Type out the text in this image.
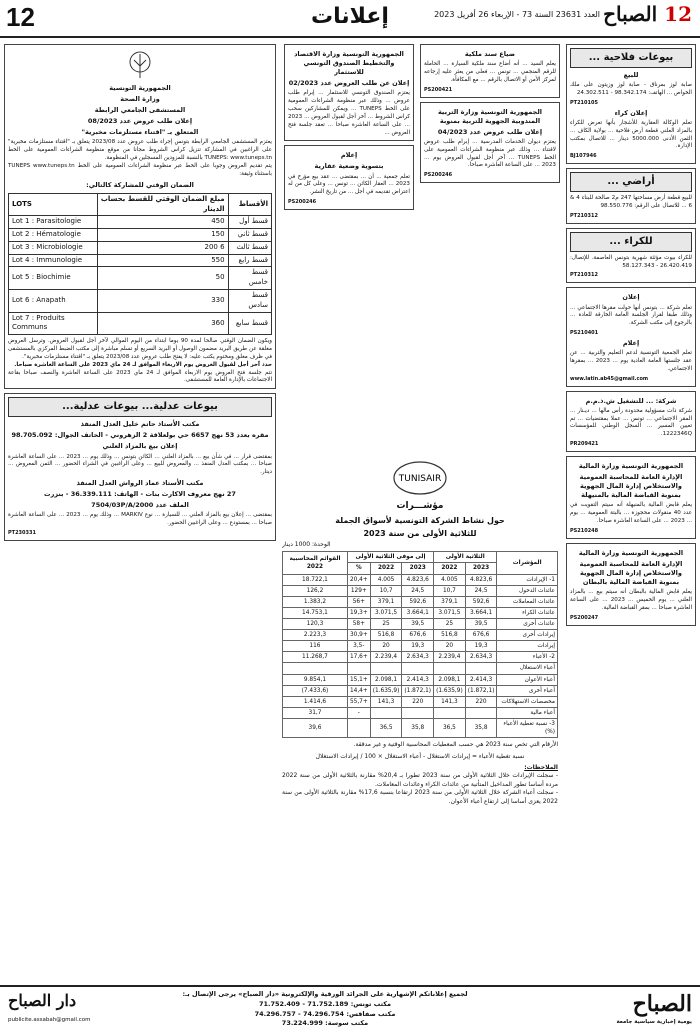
12	إعلانات	12 الصباح
العدد 23631 السنة 73 - الإربعاء 26 أفريل 2023
بيوعات فلاحية ...
للبيع

صابة لوز بمرناق - صابة لوز وزيتون على ملك الخواص ... الهاتف: 98.342.174 - 24.302.511

PT210105
إعلان كراء

تعلم الوكالة العقارية للأشجار بأنها تعرض للكراء بالمزاد العلني قطعة أرض فلاحية ... بولاية الكاف ... الثمن الأدنى 5000.000 دينار ... للاتصال بمكتب الإدارة.

BJ107946
أراضي ...

للبيع قطعة أرض مساحتها 247 م2 صالحة للبناء 4 & 6 ... للاتصال على الرقم: 98.550.776

PT210312
للكراء ...

للكراء بيوت مؤثثة شهرية بتونس العاصمة. للإتصال: 26.420.419 - 58.127.343

PT210312
إعلان

تعلم شركة ... بتونس أنها حولت مقرها الاجتماعي ... وذلك طبقا لقرار الجلسة العامة الخارقة للعادة ... بالرجوع إلى مكتب الشركة.

PS210401
إعلام

تعلم الجمعية التونسية لدعم التعليم والتربية ... عن عقد جلستها العامة العادية يوم ... 2023 ... بمقرها الاجتماعي.

www.latin.ab45@gmail.com
شركة: ... للتشغيل ش.ذ.م.م

شركة ذات مسؤولية محدودة رأس مالها ... ديـنار ... المقر الاجتماعي ... تونس ... عملا بمقتضيات ... تم تعيين المسير ... السجل الوطني للمؤسسات 1222346Q.

PR209421
الجمهورية التونسية وزارة المالية
الإدارة العامة للمحاسبة العمومية والاستخلاص إدارة المال الجهوية بمنوبة القباضة المالية بالمنيهلة

يعلم قابض المالية بالمنيهلة أنه سيتم التفويت في عدد 40 منقولات محجوزة ... بالبتة العمومية ... يوم ... 2023 ... على الساعة العاشرة صباحا.

PS210248
الجمهورية التونسية وزارة المالية
الإدارة العامة للمحاسبة العمومية والاستخلاص إدارة المال الجهوية بمنوبة القباضة المالية بالبطان

يعلم قابض المالية بالبطان أنه سيتم بيع ... بالمزاد العلني ... يوم الخميس ... 2023 ... على الساعة العاشرة صباحا ... بمقر القباضة المالية.

PS200247
ضياع سند ملكية

يعلم السيد ... أنه أضاع سند ملكية السيارة ... الحاملة للرقم المنجمي ... تونس ... فعلى من يعثر عليه إرجاعه لمركز الأمن أو الاتصال بالرقم ... مع المكافأة.

PS200421
الجمهورية التونسية وزارة التربية المندوبية الجهوية للتربية بمنوبة
إعلان طلب عروض عدد 04/2023

يعتزم ديوان الخدمات المدرسية ... إبرام طلب عروض لاقتناء ... وذلك عبر منظومة الشراءات العمومية على الخط TUNEPS ... آخر أجل لقبول العروض يوم ... 2023 ... على الساعة العاشرة صباحا.

PS200246
الجمهورية التونسية وزارة الاقتصاد والتخطيط الصندوق التونسي للاستثمار
إعلان عن طلب العروض عدد 02/2023

يعتزم الصندوق التونسي للاستثمار ... إبرام طلب عروض ... وذلك عبر منظومة الشراءات العمومية على الخط TUNEPS ... ويمكن للمشاركين سحب كراس الشروط ... آخر أجل لقبول العروض ... 2023 ... على الساعة العاشرة صباحا ... تعقد جلسة فتح العروض ...

إعلام
بتسوية وضعية عقارية

تعلم جمعية ... أن ... بمقتضى ... عقد بيع مؤرخ في 2023 ... العقار الكائن ... تونس ... وعلى كل من له اعتراض تقديمه في أجل ... من تاريخ النشر.

PS200246
الجمهورية التونسية
وزارة الصحة
المستشفى الجامعي الرابطة
إعلان طلب عروض عدد 08/2023
المتعلق بـ "اقتناء مستلزمات مخبرية"

يعتزم المستشفى الجامعي الرابطة بتونس إجراء طلب عروض عدد 2023/08 يتعلق بـ "اقتناء مستلزمات مخبرية" على الراغبين في المشاركة تنزيل كراس الشروط مجانا من موقع منظومة الشراءات العمومية على الخط TUNEPS: www.tuneps.tn بالنسبة للمزودين المسجلين في المنظومة.

يتم تقديم العروض وجوبا على الخط عبر منظومة الشراءات العمومية على الخط TUNEPS www.tuneps.tn باستثناء وثيقة:

الضمان الوقتي للمشاركة كالتالي:
الأقساط	مبلغ الضمان الوقتي للقسط بحساب الدينار	LOTS
قسط أول	450	Lot 1 : Parasitologie
قسط ثاني	150	Lot 2 : Hématologie
قسط ثالث	6 200	Lot 3 : Microbiologie
قسط رابع	550	Lot 4 : Immunologie
قسط خامس	50	Lot 5 : Biochimie
قسط سادس	330	Lot 6 : Anapath
قسط سابع	360	Lot 7 : Produits Communs

ويكون الضمان الوقتي صالحا لمدة 90 يوما ابتداء من اليوم الموالي لآخر أجل لقبول العروض. وترسل العروض مغلقة عن طريق البريد مضمون الوصول أو البريد السريع أو تسلم مباشرة إلى مكتب الضبط المركزي بالمستشفى في ظرف مغلق ومختوم يكتب عليه: لا يفتح طلب عروض عدد 2023/08 يتعلق بـ "اقتناء مستلزمات مخبرية".

حدد آخر أجل لقبول العروض يوم الاربعاء الموافق لـ 24 ماي 2023 على الساعة العاشرة صباحا.

تتم جلسة فتح العروض يوم الاربعاء الموافق لـ 24 ماي 2023 على الساعة العاشرة والنصف صباحا بقاعة الاجتماعات بالإدارة العامة للمستشفى.

بيوعات عدلية... بيوعات عدلية...
مكتب الأستاذ حاتم خليل العدل المنفذ
مقره بعدد 53 نهج 6657 حي بولعلاقة 2 الزهروني - الحاتف الجوال: 98.705.092
إعلان بيع بالمزاد العلني

بمقتضى قرار ... في شأن بيع ... بالمزاد العلني ... الكائن بتونس ... وذلك يوم ... 2023 ... على الساعة العاشرة صباحا ... بمكتب العدل المنفذ ... والمعروض للبيع ... وعلى الراغبين في الشراء الحضور ... الثمن المعروض ... دينار.

مكتب الأستاذ عماد الرواش العدل المنفذ
27 نهج معروف الاكارث بنات - الهاتف: 36.339.111 - بنزرت
الملف عدد 7504/03P/A/2000

بمقتضى ... إعلان بيع بالمزاد العلني ... للسيارة ... نوع MARKIV ... وذلك يوم ... 2023 ... على الساعة العاشرة صباحا ... بمستودع ... وعلى الراغبين الحضور.

PT230331
TUNISAIR
مؤشـــرات
حول نشاط الشركة التونسية لأسواق الجملة
للثلاثية الأولى من سنة 2023
الوحدة: 1000 دينار
المؤشرات	الثلاثية الأولى		إلى موفى الثلاثية الأولى			القوائم المحاسبية 2022
	2023	2022	2023	2022	%	
1- الإيرادات	4.823,6	4.005	4.823,6	4.005	+20,4	18.722,1
عائدات الدخول	24,5	10,7	24,5	10,7	+129	126,2
عائدات المعاملات	592,6	379,1	592,6	379,1	+56	1.383,2
عائدات الكراء	3.664,1	3.071,5	3.664,1	3.071,5	+19,3	14.753,1
عائدات أخرى	39,5	25	39,5	25	+58	120,3
إيرادات أخرى	676,6	516,8	676,6	516,8	+30,9	2.223,3
إيرادات	19,3	20	19,3	20	-3,5	116
2- الأعباء	2.634,3	2.239,4	2.634,3	2.239,4	+17,6	11.268,7
أعباء الاستغلال						
أعباء الأعوان	2.414,3	2.098,1	2.414,3	2.098,1	+15,1	9.854,1
أعباء أخرى	(1.872,1)	(1.635,9)	(1.872,1)	(1.635,9)	+14,4	(7.433,6)
مخصصات الاستهلاكات	220	141,3	220	141,3	+55,7	1.414,6
أعباء مالية					-	31,7
3- نسبة تغطية الأعباء (%)	35,8	36,5	35,8	36,5		39,6

الأرقام التي تخص سنة 2023 هي حسب المعطيات المحاسبية الوقتية و غير مدققة.

نسبة تغطية الأعباء = إيرادات الاستغلال - أعباء الاستغلال × 100 / إيرادات الاستغلال

الملاحظات:

- سجلت الإيرادات خلال الثلاثية الأولى من سنة 2023 تطورا بـ 20,4% مقارنة بالثلاثية الأولى من سنة 2022 مرده أساسا تطور المداخيل المتأتية من عائدات الكراء وعائدات المعاملات.

- سجلت أعباء الشركة خلال الثلاثية الأولى من سنة 2023 ارتفاعا بنسبة 17,6% مقارنة بالثلاثية الأولى من سنة 2022 يعزى أساسا إلى ارتفاع أعباء الأعوان.

الصباح
يومية إخبارية سياسية جامعة
لجميع إعلاناتكم الإشهارية على الجرائد الورقية والإلكترونية «دار الصباح» يرجى الإتصال بـ:
مكتب تونس: 71.752.189 - 71.752.409
مكتب صفاقس: 74.296.754 - 74.296.757
مكتب سوسة: 73.224.999
دار الصباح
publicite.assabah@gmail.com
